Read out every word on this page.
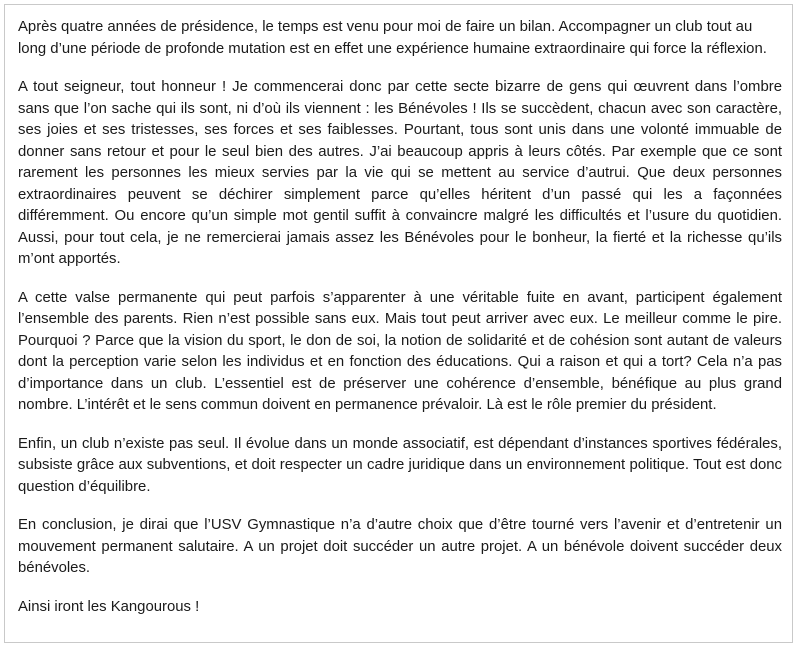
Après quatre années de présidence, le temps est venu pour moi de faire un bilan. Accompagner un club tout au long d’une période de profonde mutation est en effet une expérience humaine extraordinaire qui force la réflexion.

A tout seigneur, tout honneur ! Je commencerai donc par cette secte bizarre de gens qui œuvrent dans l’ombre sans que l’on sache qui ils sont, ni d’où ils viennent : les Bénévoles ! Ils se succèdent, chacun avec son caractère, ses joies et ses tristesses, ses forces et ses faiblesses. Pourtant, tous sont unis dans une volonté immuable de donner sans retour et pour le seul bien des autres. J’ai beaucoup appris à leurs côtés. Par exemple que ce sont rarement les personnes les mieux servies par la vie qui se mettent au service d’autrui. Que deux personnes extraordinaires peuvent se déchirer simplement parce qu’elles héritent d’un passé qui les a façonnées différemment. Ou encore qu’un simple mot gentil suffit à convaincre malgré les difficultés et l’usure du quotidien. Aussi, pour tout cela, je ne remercierai jamais assez les Bénévoles pour le bonheur, la fierté et la richesse qu’ils m’ont apportés.

A cette valse permanente qui peut parfois s’apparenter à une véritable fuite en avant, participent également l’ensemble des parents. Rien n’est possible sans eux. Mais tout peut arriver avec eux. Le meilleur comme le pire. Pourquoi ? Parce que la vision du sport, le don de soi, la notion de solidarité et de cohésion sont autant de valeurs dont la perception varie selon les individus et en fonction des éducations. Qui a raison et qui a tort? Cela n’a pas d’importance dans un club. L’essentiel est de préserver une cohérence d’ensemble, bénéfique au plus grand nombre. L’intérêt et le sens commun doivent en permanence prévaloir. Là est le rôle premier du président.

Enfin, un club n’existe pas seul. Il évolue dans un monde associatif, est dépendant d’instances sportives fédérales, subsiste grâce aux subventions, et doit respecter un cadre juridique dans un environnement politique. Tout est donc question d’équilibre.

En conclusion, je dirai que l’USV Gymnastique n’a d’autre choix que d’être tourné vers l’avenir et d’entretenir un mouvement permanent salutaire. A un projet doit succéder un autre projet. A un bénévole doivent succéder deux bénévoles.

Ainsi iront les Kangourous !
